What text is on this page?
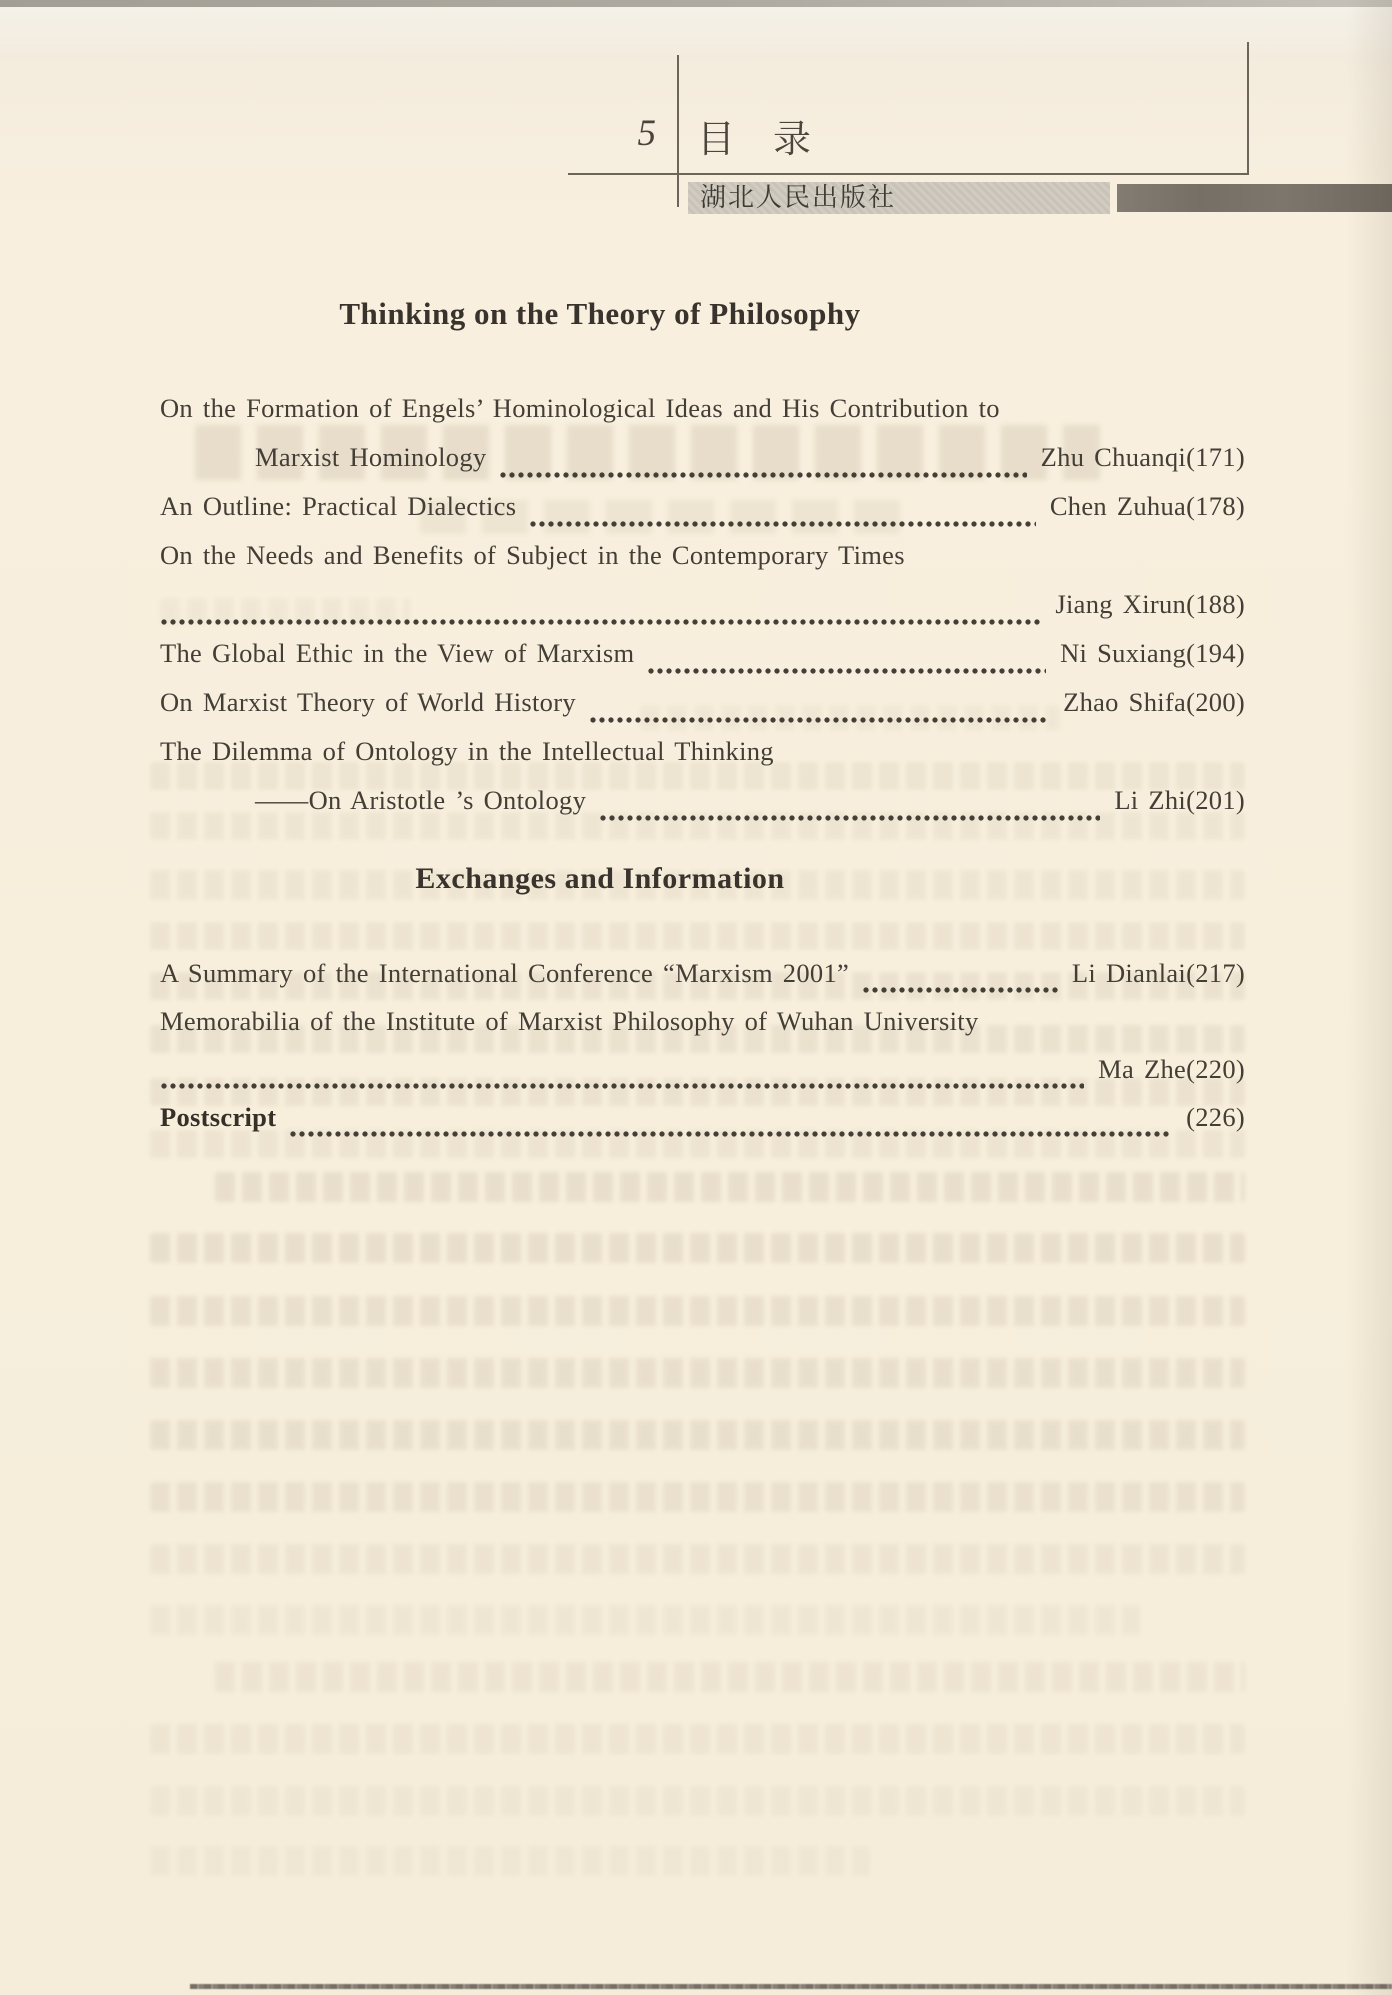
5 目录
湖北人民出版社
Thinking on the Theory of Philosophy
On the Formation of Engels’ Hominological Ideas and His Contribution to
Marxist Hominology	Zhu Chuanqi(171)
An Outline: Practical Dialectics	Chen Zuhua(178)
On the Needs and Benefits of Subject in the Contemporary Times
Jiang Xirun(188)
The Global Ethic in the View of Marxism	Ni Suxiang(194)
On Marxist Theory of World History	Zhao Shifa(200)
The Dilemma of Ontology in the Intellectual Thinking
——On Aristotle ’s Ontology	Li Zhi(201)
Exchanges and Information
A Summary of the International Conference “Marxism 2001”	Li Dianlai(217)
Memorabilia of the Institute of Marxist Philosophy of Wuhan University
Ma Zhe(220)
Postscript	(226)
